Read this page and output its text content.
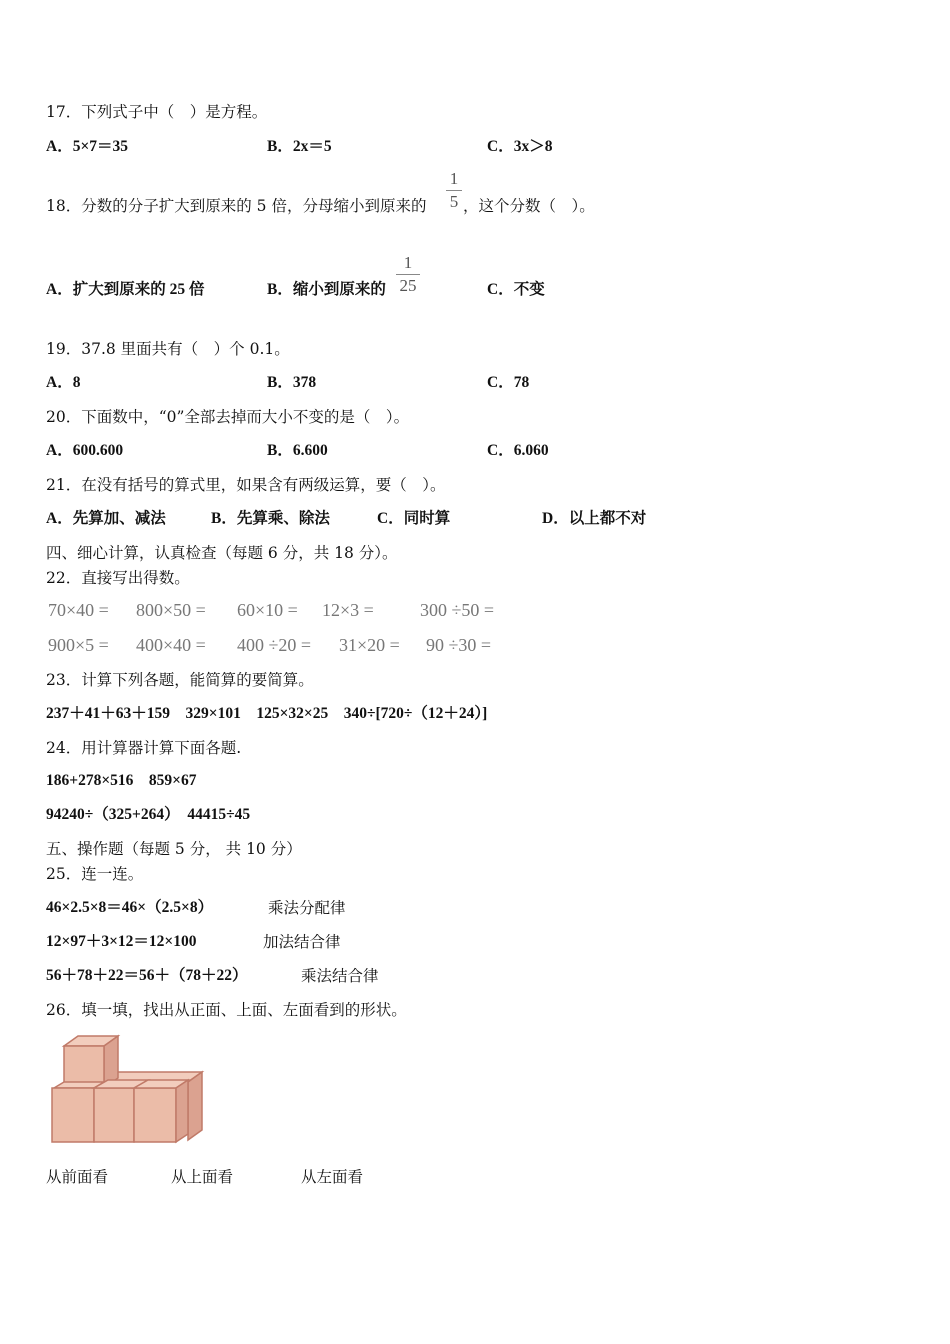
17．下列式子中（　）是方程。
A．5×7＝35	B．2x＝5	C．3x＞8
18．分数的分子扩大到原来的 5 倍，分母缩小到原来的
1
5 ，这个分数（　）。
A．扩大到原来的 25 倍	B．缩小到原来的
1
25	C．不变
19．37.8 里面共有（　）个 0.1。
A．8	B．378	C．78
20．下面数中，“0”全部去掉而大小不变的是（　）。
A．600.600	B．6.600	C．6.060
21．在没有括号的算式里，如果含有两级运算，要（　）。
A．先算加、减法	B．先算乘、除法	C．同时算	D．以上都不对
四、细心计算，认真检查（每题 6 分，共 18 分）。
22．直接写出得数。
70×40 = 800×50 = 60×10 = 12×3 =	300 ÷50 =
900×5 = 400×40 = 400 ÷20 = 31×20 = 90 ÷30 =
23．计算下列各题，能简算的要简算。
237＋41＋63＋159　329×101　125×32×25　340÷[720÷（12＋24）]
24．用计算器计算下面各题.
186+278×516　859×67
94240÷（325+264）　44415÷45
五、操作题（每题 5 分， 共 10 分）
25．连一连。
46×2.5×8＝46×（2.5×8）	乘法分配律
12×97＋3×12＝12×100	加法结合律
56＋78＋22＝56＋（78＋22）	乘法结合律
26．填一填，找出从正面、上面、左面看到的形状。
从前面看	从上面看	从左面看
